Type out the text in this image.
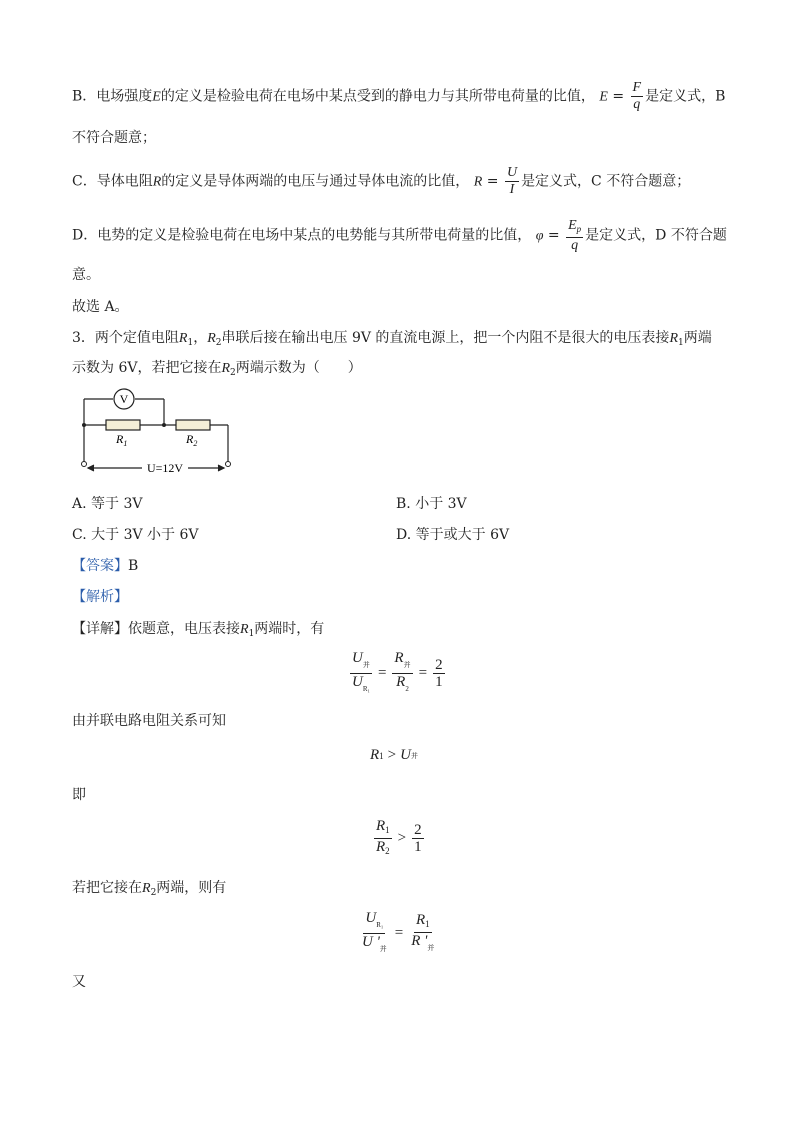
B．电场强度E的定义是检验电荷在电场中某点受到的静电力与其所带电荷量的比值， $E = \frac{F}{q}$ 是定义式，B
不符合题意；
C．导体电阻R的定义是导体两端的电压与通过导体电流的比值， $R = \frac{U}{I}$ 是定义式，C 不符合题意；
D．电势的定义是检验电荷在电场中某点的电势能与其所带电荷量的比值， $\varphi = \frac{E_p}{q}$ 是定义式，D 不符合题
意。
故选 A。
3．两个定值电阻$R_1$，$R_2$串联后接在输出电压 9V 的直流电源上，把一个内阻不是很大的电压表接$R_1$两端
示数为 6V，若把它接在$R_2$两端示数为（　　）
V
$R_1$	$R_2$
U=12V
A. 等于 3V	B. 小于 3V
C. 大于 3V 小于 6V	D. 等于或大于 6V
【答案】B
【解析】
【详解】依题意，电压表接$R_1$两端时，有
$\frac{U_并}{U_{R_1}} = \frac{R_并}{R_2} = \frac{2}{1}$
由并联电路电阻关系可知
R 1 > U 并
即
$\frac{R_1}{R_2} > \frac{2}{1}$
若把它接在$R_2$两端，则有
$\frac{U_{R_1}}{U '_并} = \frac{R_1}{R '_并}$
又
